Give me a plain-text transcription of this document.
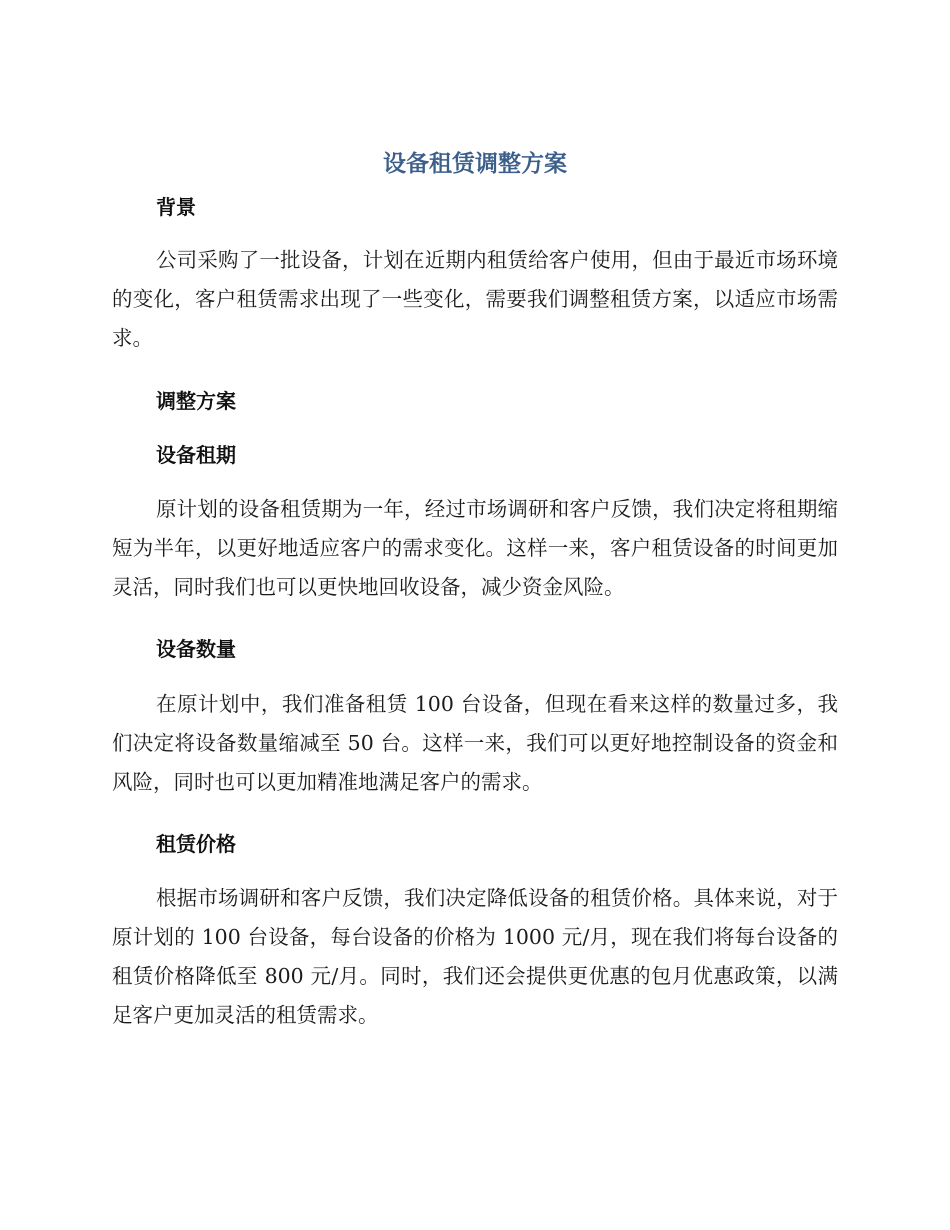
设备租赁调整方案
背景

公司采购了一批设备，计划在近期内租赁给客户使用，但由于最近市场环境的变化，客户租赁需求出现了一些变化，需要我们调整租赁方案，以适应市场需求。

调整方案
设备租期

原计划的设备租赁期为一年，经过市场调研和客户反馈，我们决定将租期缩短为半年，以更好地适应客户的需求变化。这样一来，客户租赁设备的时间更加灵活，同时我们也可以更快地回收设备，减少资金风险。

设备数量

在原计划中，我们准备租赁 100 台设备，但现在看来这样的数量过多，我们决定将设备数量缩减至 50 台。这样一来，我们可以更好地控制设备的资金和风险，同时也可以更加精准地满足客户的需求。

租赁价格

根据市场调研和客户反馈，我们决定降低设备的租赁价格。具体来说，对于原计划的 100 台设备，每台设备的价格为 1000 元/月，现在我们将每台设备的租赁价格降低至 800 元/月。同时，我们还会提供更优惠的包月优惠政策，以满足客户更加灵活的租赁需求。
